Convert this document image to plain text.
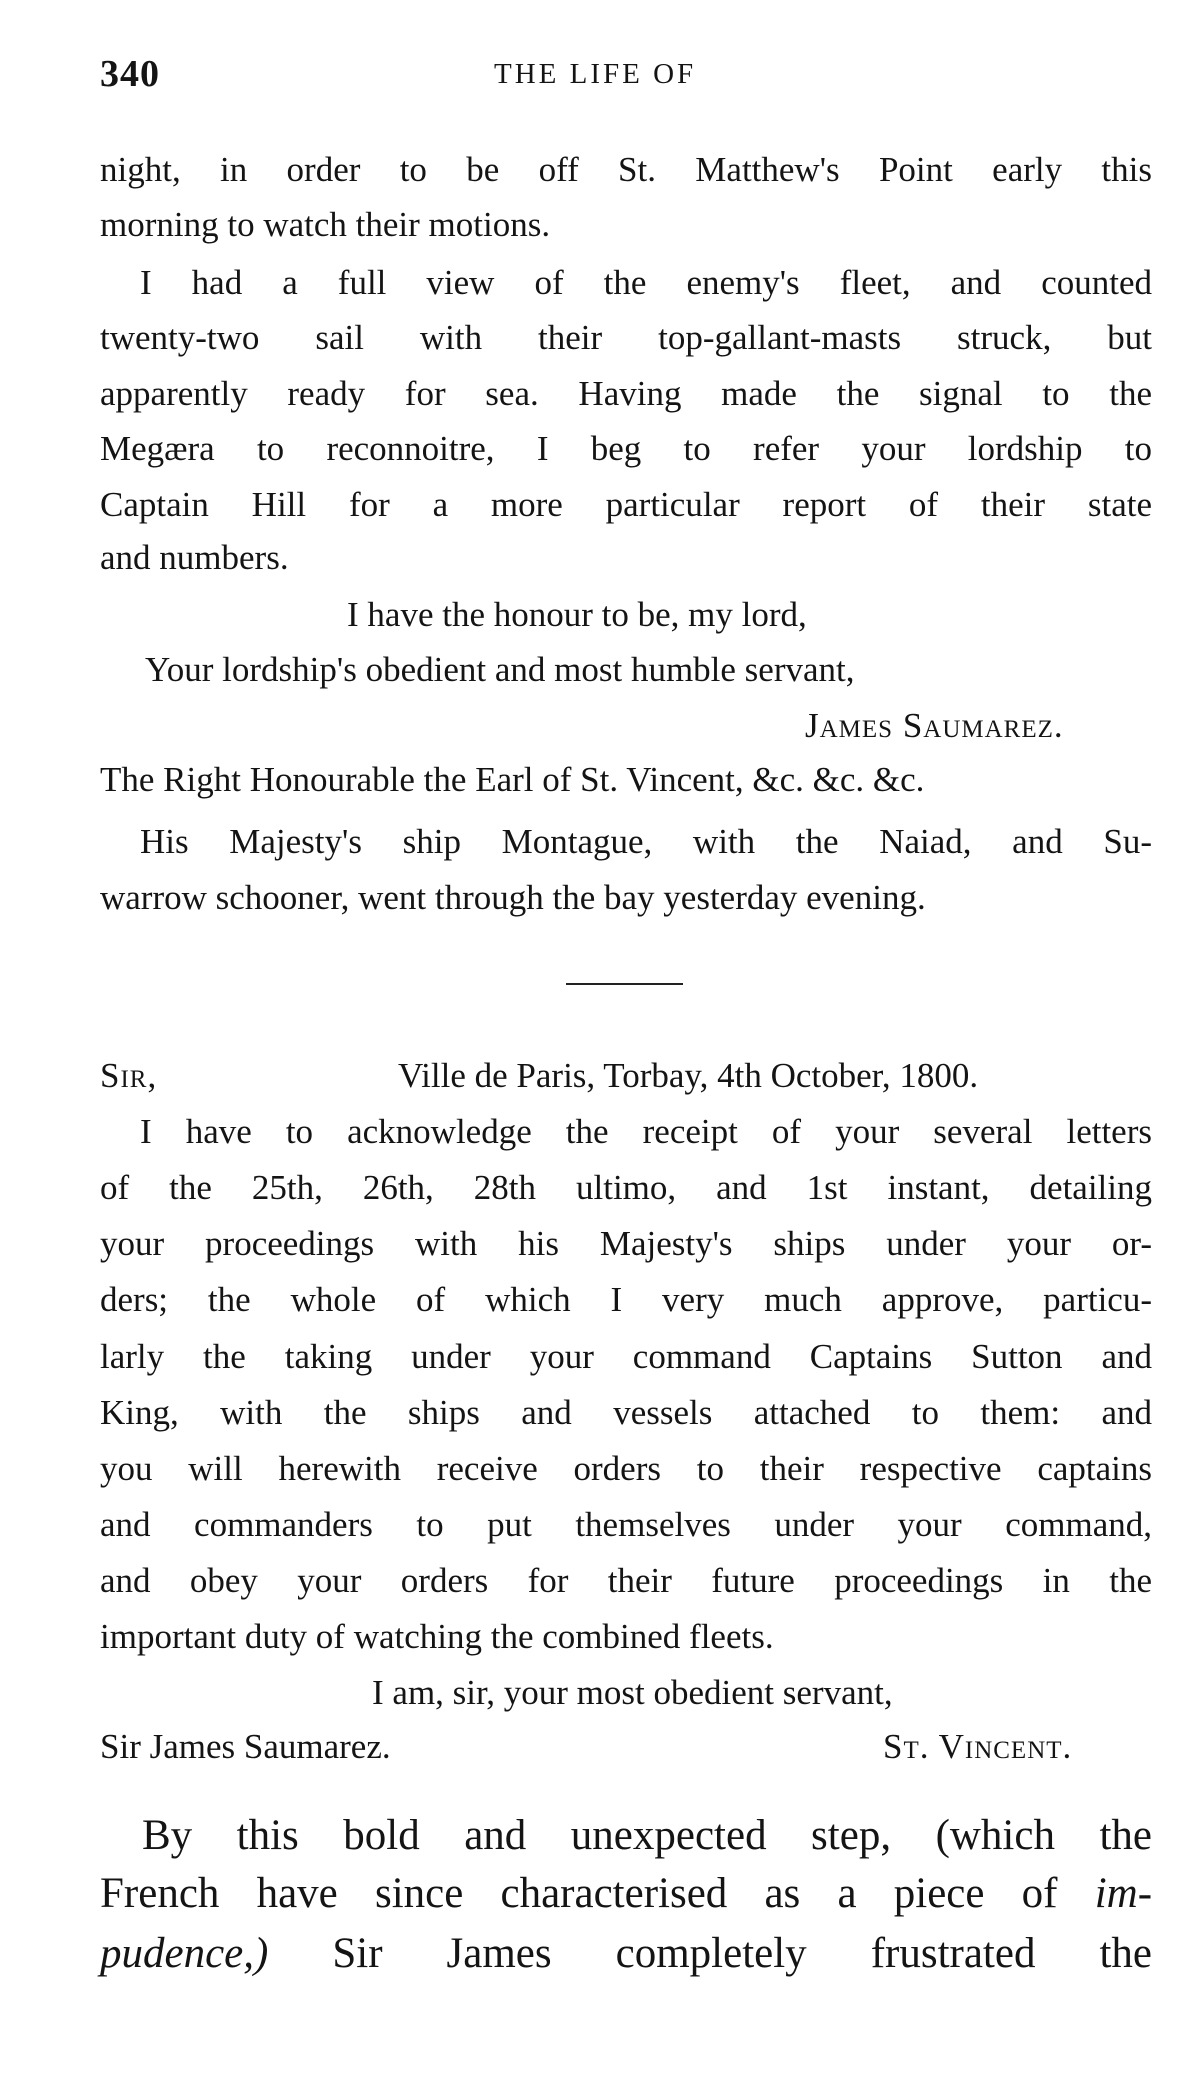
340	THE LIFE OF
night, in order to be off St. Matthew's Point early this
morning to watch their motions.
I had a full view of the enemy's fleet, and counted
twenty-two sail with their top-gallant-masts struck, but
apparently ready for sea. Having made the signal to the
Megæra to reconnoitre, I beg to refer your lordship to
Captain Hill for a more particular report of their state
and numbers.
I have the honour to be, my lord,
Your lordship's obedient and most humble servant,
James Saumarez.
The Right Honourable the Earl of St. Vincent, &c. &c. &c.
His Majesty's ship Montague, with the Naiad, and Su-
warrow schooner, went through the bay yesterday evening.
Sir,	Ville de Paris, Torbay, 4th October, 1800.
I have to acknowledge the receipt of your several letters
of the 25th, 26th, 28th ultimo, and 1st instant, detailing
your proceedings with his Majesty's ships under your or-
ders; the whole of which I very much approve, particu-
larly the taking under your command Captains Sutton and
King, with the ships and vessels attached to them: and
you will herewith receive orders to their respective captains
and commanders to put themselves under your command,
and obey your orders for their future proceedings in the
important duty of watching the combined fleets.
I am, sir, your most obedient servant,
Sir James Saumarez.	St. Vincent.
By this bold and unexpected step, (which the
French have since characterised as a piece of im-
pudence,) Sir James completely frustrated the
